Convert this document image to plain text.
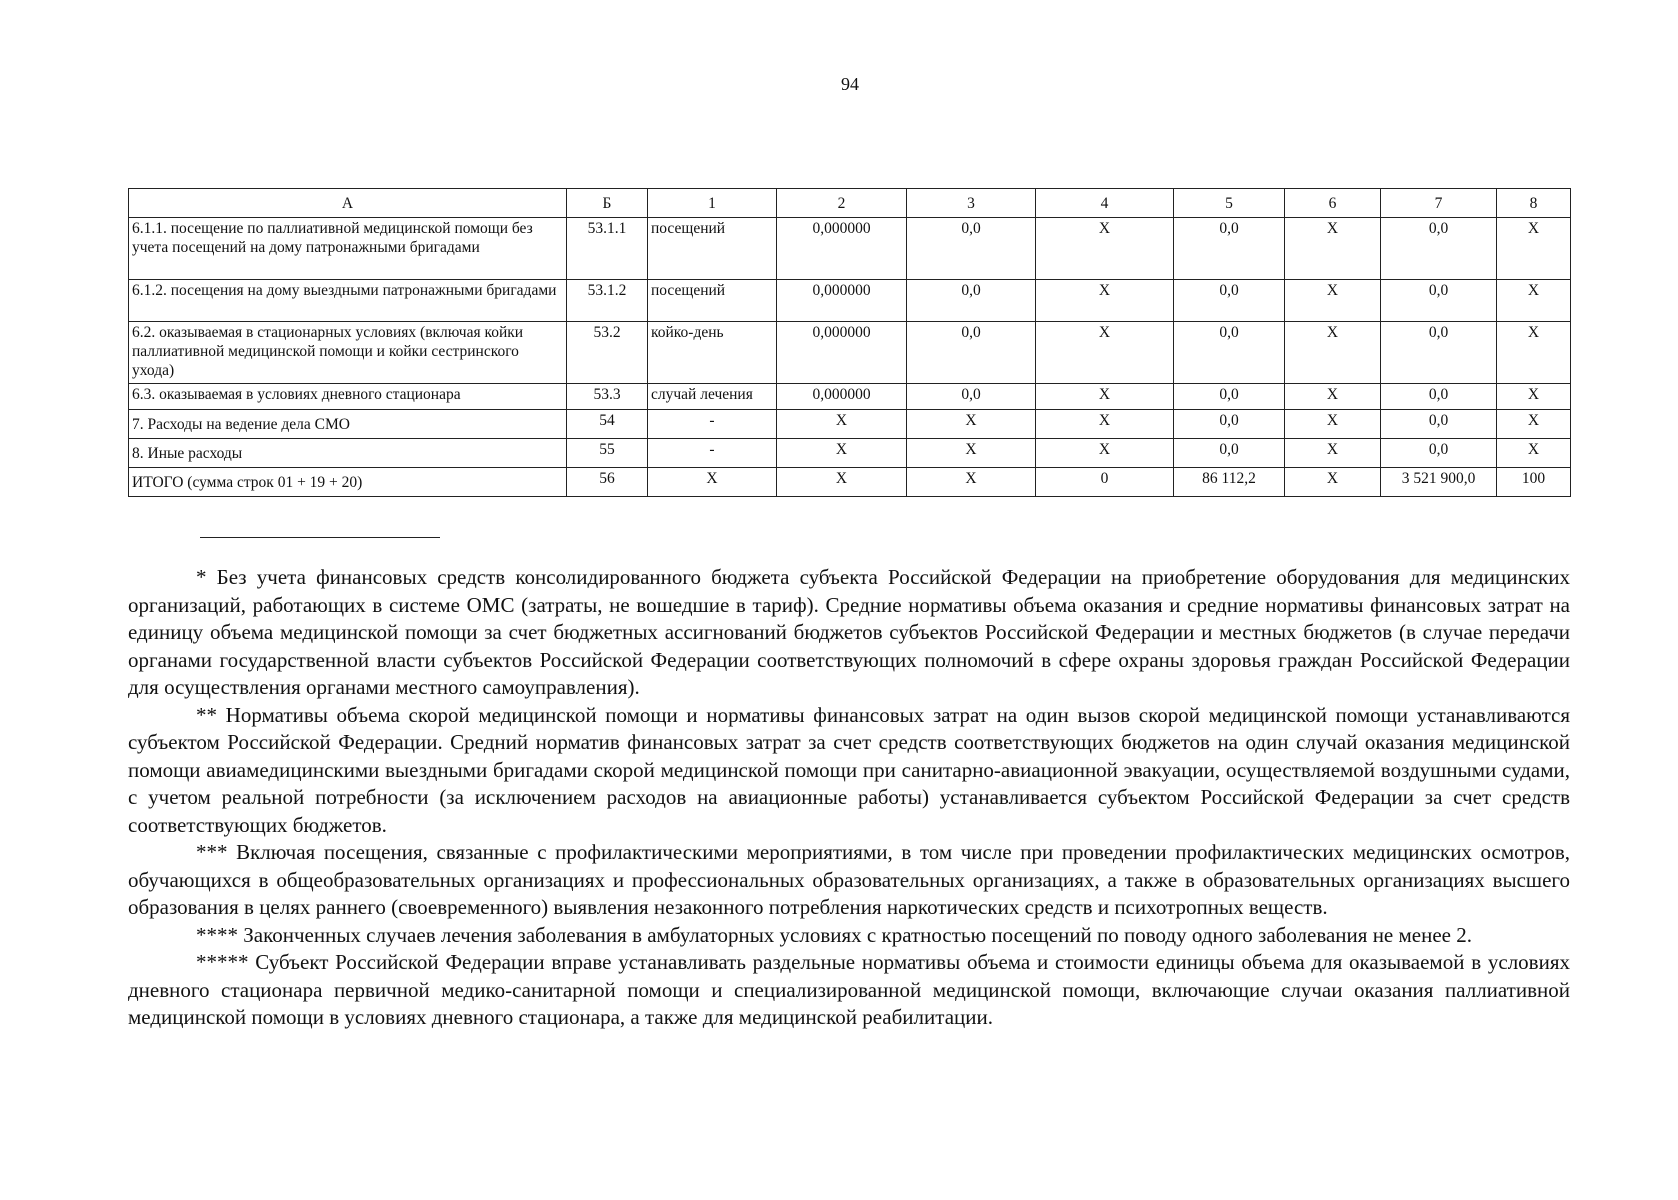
94
А	Б	1	2	3	4	5	6	7	8
6.1.1. посещение по паллиативной медицинской помощи без учета посещений на дому патронажными бригадами	53.1.1	посещений	0,000000	0,0	X	0,0	X	0,0	X
6.1.2. посещения на дому выездными патронажными бригадами	53.1.2	посещений	0,000000	0,0	X	0,0	X	0,0	X
6.2. оказываемая в стационарных условиях (включая койки паллиативной медицинской помощи и койки сестринского ухода)	53.2	койко-день	0,000000	0,0	X	0,0	X	0,0	X
6.3. оказываемая в условиях дневного стационара	53.3	случай лечения	0,000000	0,0	X	0,0	X	0,0	X
7. Расходы на ведение дела СМО	54	-	X	X	X	0,0	X	0,0	X
8. Иные расходы	55	-	X	X	X	0,0	X	0,0	X
ИТОГО (сумма строк 01 + 19 + 20)	56	X	X	X	0	86 112,2	X	3 521 900,0	100

* Без учета финансовых средств консолидированного бюджета субъекта Российской Федерации на приобретение оборудования для медицинских организаций, работающих в системе ОМС (затраты, не вошедшие в тариф). Средние нормативы объема оказания и средние нормативы финансовых затрат на единицу объема медицинской помощи за счет бюджетных ассигнований бюджетов субъектов Российской Федерации и местных бюджетов (в случае передачи органами государственной власти субъектов Российской Федерации соответствующих полномочий в сфере охраны здоровья граждан Российской Федерации для осуществления органами местного самоуправления).

** Нормативы объема скорой медицинской помощи и нормативы финансовых затрат на один вызов скорой медицинской помощи устанавливаются субъектом Российской Федерации. Средний норматив финансовых затрат за счет средств соответствующих бюджетов на один случай оказания медицинской помощи авиамедицинскими выездными бригадами скорой медицинской помощи при санитарно-авиационной эвакуации, осуществляемой воздушными судами, с учетом реальной потребности (за исключением расходов на авиационные работы) устанавливается субъектом Российской Федерации за счет средств соответствующих бюджетов.

*** Включая посещения, связанные с профилактическими мероприятиями, в том числе при проведении профилактических медицинских осмотров, обучающихся в общеобразовательных организациях и профессиональных образовательных организациях, а также в образовательных организациях высшего образования в целях раннего (своевременного) выявления незаконного потребления наркотических средств и психотропных веществ.

**** Законченных случаев лечения заболевания в амбулаторных условиях с кратностью посещений по поводу одного заболевания не менее 2.

***** Субъект Российской Федерации вправе устанавливать раздельные нормативы объема и стоимости единицы объема для оказываемой в условиях дневного стационара первичной медико-санитарной помощи и специализированной медицинской помощи, включающие случаи оказания паллиативной медицинской помощи в условиях дневного стационара, а также для медицинской реабилитации.
